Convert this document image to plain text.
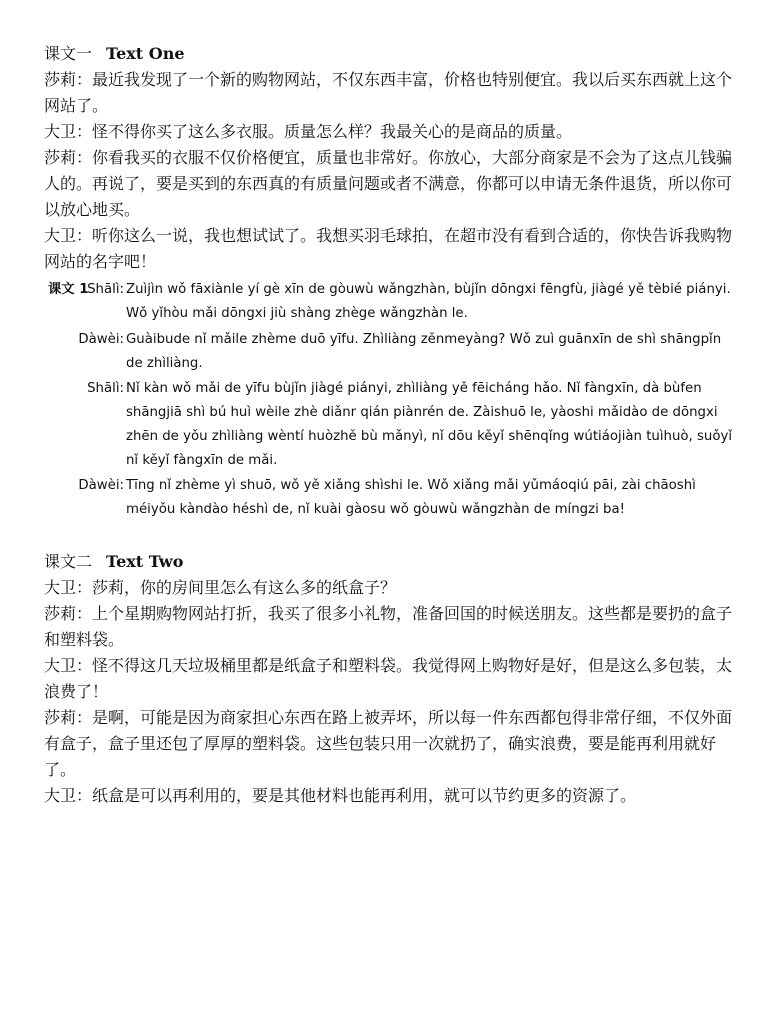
课文一 Text One

莎莉：最近我发现了一个新的购物网站，不仅东西丰富，价格也特别便宜。我以后买东西就上这个网站了。

大卫：怪不得你买了这么多衣服。质量怎么样？我最关心的是商品的质量。

莎莉：你看我买的衣服不仅价格便宜，质量也非常好。你放心，大部分商家是不会为了这点儿钱骗人的。再说了，要是买到的东西真的有质量问题或者不满意，你都可以申请无条件退货，所以你可以放心地买。

大卫：听你这么一说，我也想试试了。我想买羽毛球拍，在超市没有看到合适的，你快告诉我购物网站的名字吧！

课文 1
Shālì: Zuìjìn wǒ fāxiànle yí gè xīn de gòuwù wǎngzhàn, bùjǐn dōngxi fēngfù, jiàgé yě tèbié piányi. Wǒ yǐhòu mǎi dōngxi jiù shàng zhège wǎngzhàn le.
Dàwèi: Guàibude nǐ mǎile zhème duō yīfu. Zhìliàng zěnmeyàng? Wǒ zuì guānxīn de shì shāngpǐn de zhìliàng.
Shālì: Nǐ kàn wǒ mǎi de yīfu bùjǐn jiàgé piányi, zhìliàng yě fēicháng hǎo. Nǐ fàngxīn, dà bùfen shāngjiā shì bú huì wèile zhè diǎnr qián piànrén de. Zàishuō le, yàoshi mǎidào de dōngxi zhēn de yǒu zhìliàng wèntí huòzhě bù mǎnyì, nǐ dōu kěyǐ shēnqǐng wútiáojiàn tuìhuò, suǒyǐ nǐ kěyǐ fàngxīn de mǎi.
Dàwèi: Tīng nǐ zhème yì shuō, wǒ yě xiǎng shìshi le. Wǒ xiǎng mǎi yǔmáoqiú pāi, zài chāoshì méiyǒu kàndào héshì de, nǐ kuài gàosu wǒ gòuwù wǎngzhàn de míngzi ba!
课文二 Text Two

大卫：莎莉，你的房间里怎么有这么多的纸盒子？

莎莉：上个星期购物网站打折，我买了很多小礼物，准备回国的时候送朋友。这些都是要扔的盒子和塑料袋。

大卫：怪不得这几天垃圾桶里都是纸盒子和塑料袋。我觉得网上购物好是好，但是这么多包装，太浪费了！

莎莉：是啊，可能是因为商家担心东西在路上被弄坏，所以每一件东西都包得非常仔细，不仅外面有盒子，盒子里还包了厚厚的塑料袋。这些包装只用一次就扔了，确实浪费，要是能再利用就好了。

大卫：纸盒是可以再利用的，要是其他材料也能再利用，就可以节约更多的资源了。
